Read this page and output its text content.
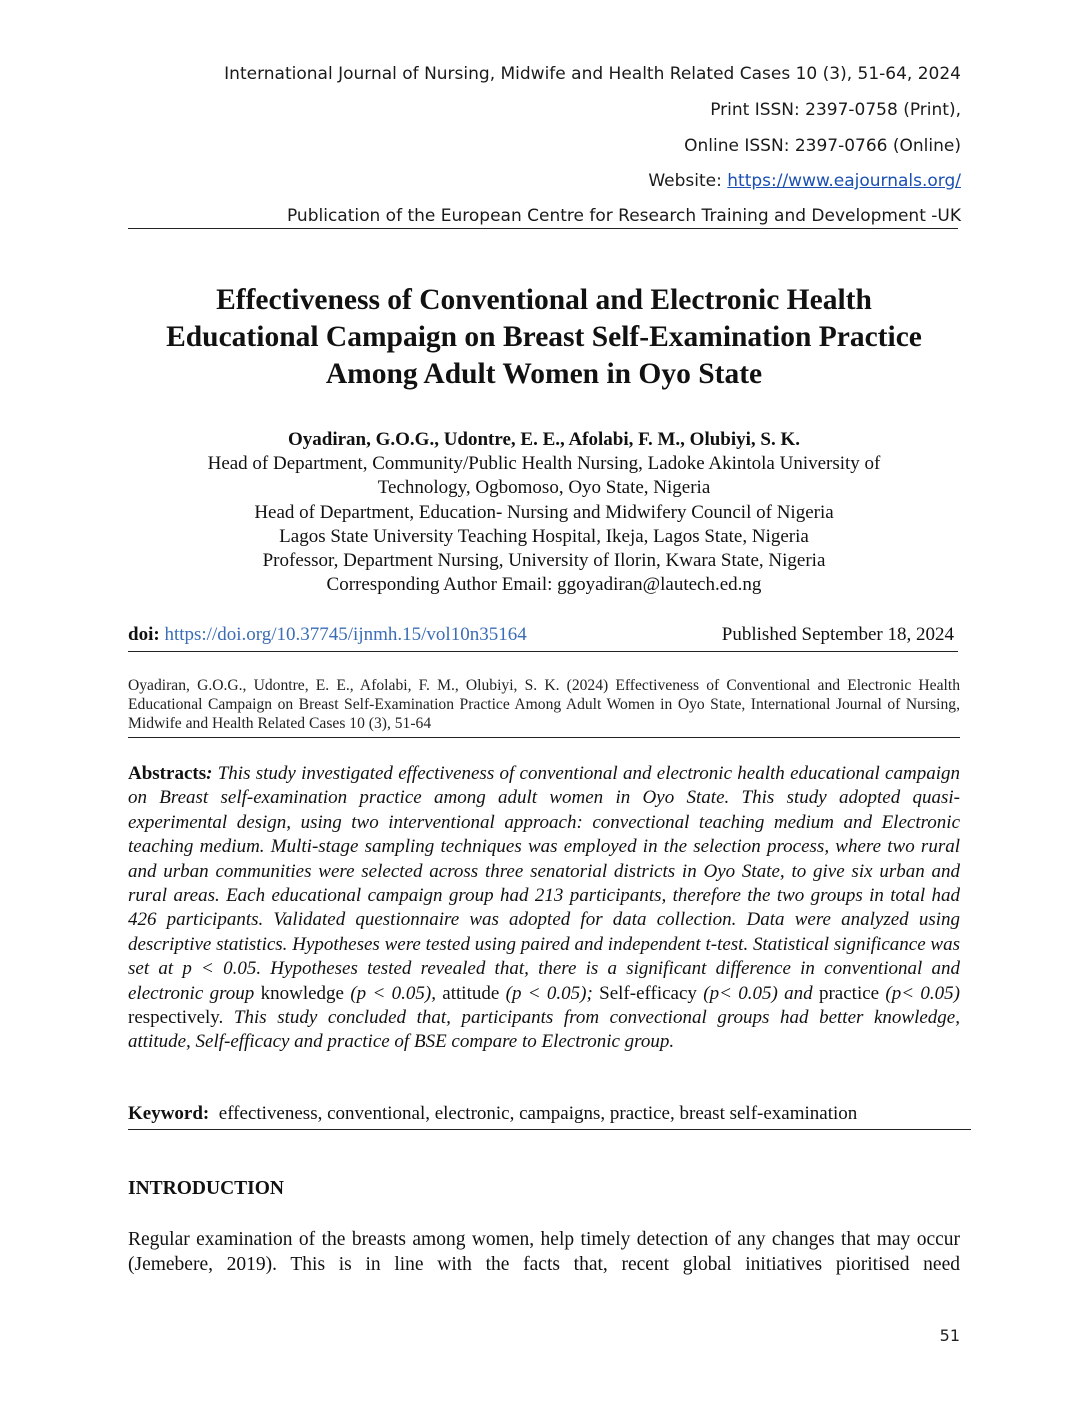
International Journal of Nursing, Midwife and Health Related Cases 10 (3), 51-64, 2024
Print ISSN: 2397-0758 (Print),
Online ISSN: 2397-0766 (Online)
Website: https://www.eajournals.org/
Publication of the European Centre for Research Training and Development -UK
Effectiveness of Conventional and Electronic Health
Educational Campaign on Breast Self-Examination Practice
Among Adult Women in Oyo State
Oyadiran, G.O.G., Udontre, E. E., Afolabi, F. M., Olubiyi, S. K.
Head of Department, Community/Public Health Nursing, Ladoke Akintola University of
Technology, Ogbomoso, Oyo State, Nigeria
Head of Department, Education- Nursing and Midwifery Council of Nigeria
Lagos State University Teaching Hospital, Ikeja, Lagos State, Nigeria
Professor, Department Nursing, University of Ilorin, Kwara State, Nigeria
Corresponding Author Email: ggoyadiran@lautech.ed.ng
doi: https://doi.org/10.37745/ijnmh.15/vol10n35164	Published September 18, 2024
Oyadiran, G.O.G., Udontre, E. E., Afolabi, F. M., Olubiyi, S. K. (2024) Effectiveness of Conventional and Electronic Health Educational Campaign on Breast Self-Examination Practice Among Adult Women in Oyo State, International Journal of Nursing, Midwife and Health Related Cases 10 (3), 51-64
Abstracts: This study investigated effectiveness of conventional and electronic health educational campaign on Breast self-examination practice among adult women in Oyo State. This study adopted quasi-experimental design, using two interventional approach: convectional teaching medium and Electronic teaching medium. Multi-stage sampling techniques was employed in the selection process, where two rural and urban communities were selected across three senatorial districts in Oyo State, to give six urban and rural areas. Each educational campaign group had 213 participants, therefore the two groups in total had 426 participants. Validated questionnaire was adopted for data collection. Data were analyzed using descriptive statistics. Hypotheses were tested using paired and independent t-test. Statistical significance was set at p < 0.05. Hypotheses tested revealed that, there is a significant difference in conventional and electronic group knowledge (p < 0.05), attitude (p < 0.05); Self-efficacy (p< 0.05) and practice (p< 0.05) respectively. This study concluded that, participants from convectional groups had better knowledge, attitude, Self-efficacy and practice of BSE compare to Electronic group.
Keyword:  effectiveness, conventional, electronic, campaigns, practice, breast self-examination
INTRODUCTION
Regular examination of the breasts among women, help timely detection of any changes that may occur (Jemebere, 2019). This is in line with the facts that, recent global initiatives pioritised need
51
